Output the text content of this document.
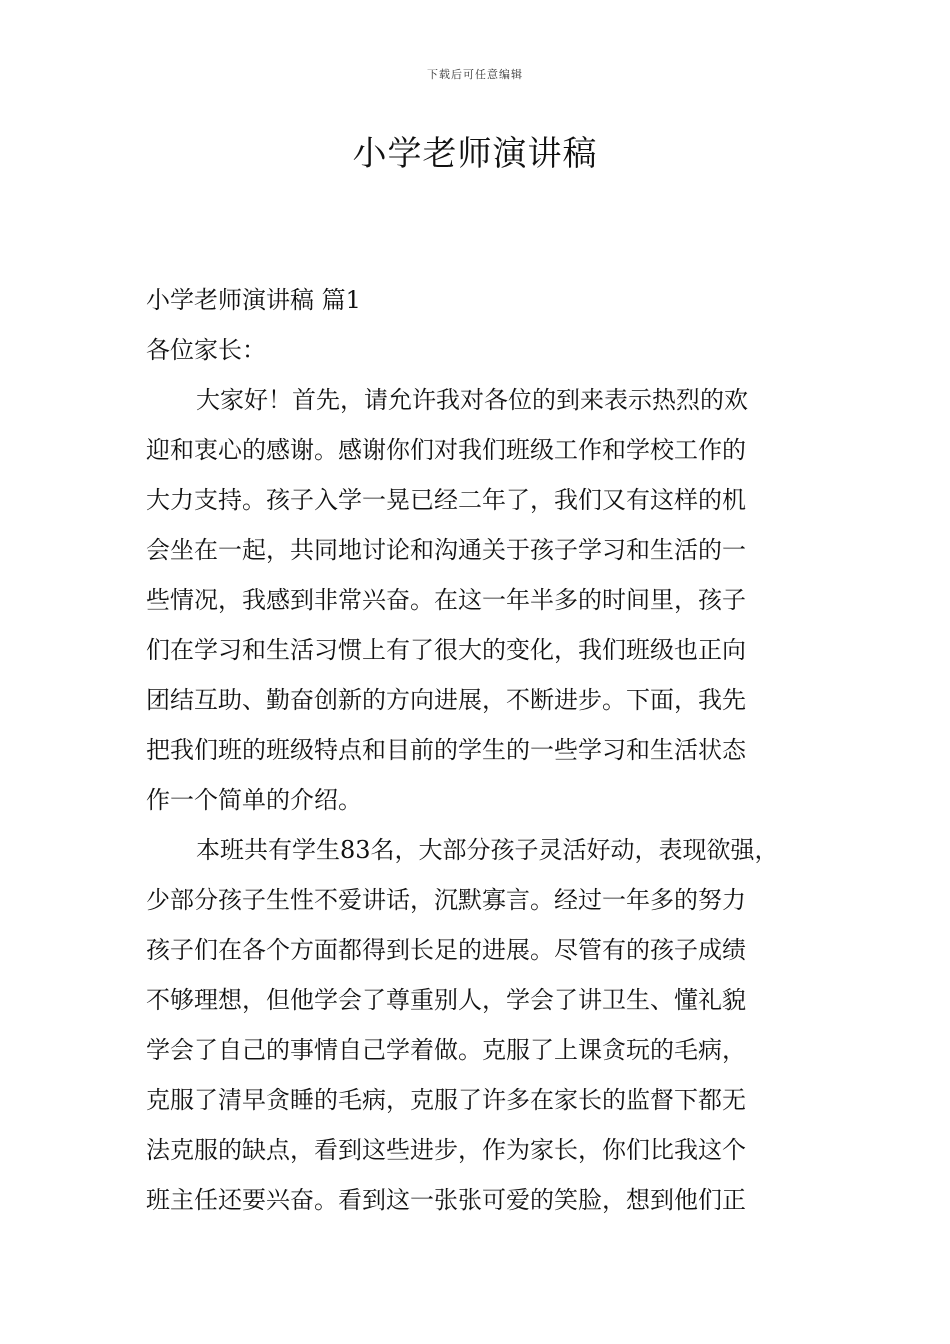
下载后可任意编辑
小学老师演讲稿
小学老师演讲稿 篇1
各位家长：
大家好！首先，请允许我对各位的到来表示热烈的欢
迎和衷心的感谢。感谢你们对我们班级工作和学校工作的
大力支持。孩子入学一晃已经二年了，我们又有这样的机
会坐在一起，共同地讨论和沟通关于孩子学习和生活的一
些情况，我感到非常兴奋。在这一年半多的时间里，孩子
们在学习和生活习惯上有了很大的变化，我们班级也正向
团结互助、勤奋创新的方向进展，不断进步。下面，我先
把我们班的班级特点和目前的学生的一些学习和生活状态
作一个简单的介绍。
本班共有学生83名，大部分孩子灵活好动，表现欲强，
少部分孩子生性不爱讲话，沉默寡言。经过一年多的努力
孩子们在各个方面都得到长足的进展。尽管有的孩子成绩
不够理想，但他学会了尊重别人，学会了讲卫生、懂礼貌
学会了自己的事情自己学着做。克服了上课贪玩的毛病，
克服了清早贪睡的毛病，克服了许多在家长的监督下都无
法克服的缺点，看到这些进步，作为家长，你们比我这个
班主任还要兴奋。看到这一张张可爱的笑脸，想到他们正
